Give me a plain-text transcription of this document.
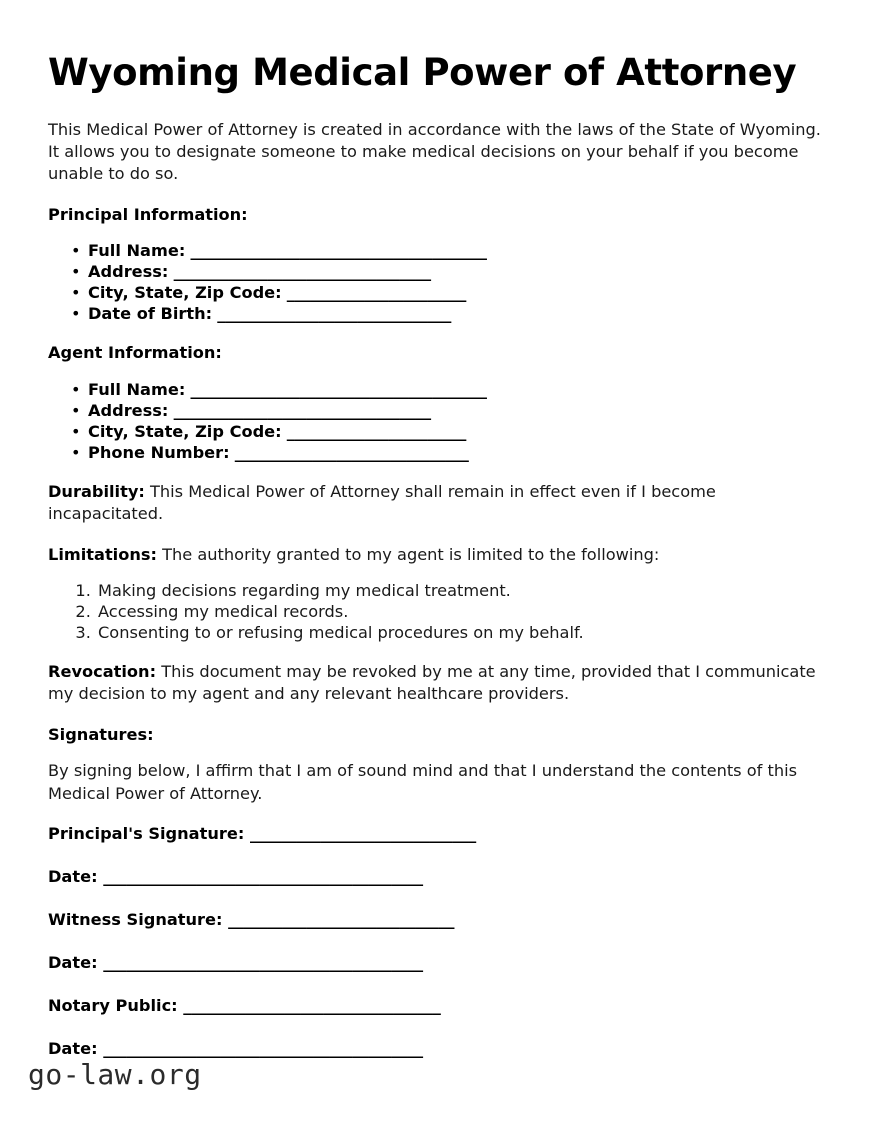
Wyoming Medical Power of Attorney

This Medical Power of Attorney is created in accordance with the laws of the State of Wyoming. It allows you to designate someone to make medical decisions on your behalf if you become unable to do so.

Principal Information:
• Full Name: ______________________________________
• Address: _________________________________
• City, State, Zip Code: _______________________
• Date of Birth: ______________________________
Agent Information:
• Full Name: ______________________________________
• Address: _________________________________
• City, State, Zip Code: _______________________
• Phone Number: ______________________________

Durability: This Medical Power of Attorney shall remain in effect even if I become incapacitated.

Limitations: The authority granted to my agent is limited to the following:

1. Making decisions regarding my medical treatment.
2. Accessing my medical records.
3. Consenting to or refusing medical procedures on my behalf.

Revocation: This document may be revoked by me at any time, provided that I communicate my decision to my agent and any relevant healthcare providers.

Signatures:

By signing below, I affirm that I am of sound mind and that I understand the contents of this Medical Power of Attorney.

Principal's Signature: _____________________________
Date: _________________________________________
Witness Signature: _____________________________
Date: _________________________________________
Notary Public: _________________________________
Date: _________________________________________
go-law.org
